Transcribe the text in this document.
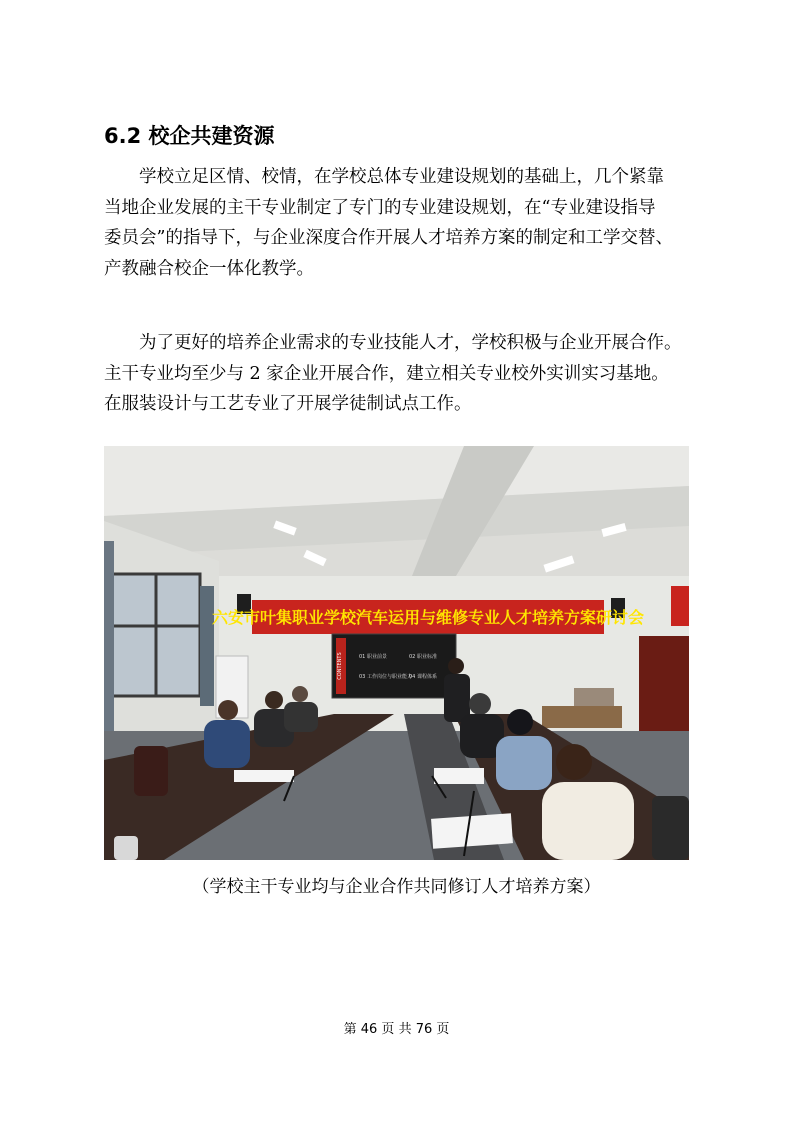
6.2 校企共建资源

　　学校立足区情、校情，在学校总体专业建设规划的基础上，几个紧靠

当地企业发展的主干专业制定了专门的专业建设规划，在“专业建设指导

委员会”的指导下，与企业深度合作开展人才培养方案的制定和工学交替、

产教融合校企一体化教学。

　　为了更好的培养企业需求的专业技能人才，学校积极与企业开展合作。

主干专业均至少与 2 家企业开展合作，建立相关专业校外实训实习基地。

在服装设计与工艺专业了开展学徒制试点工作。

六安市叶集职业学校汽车运用与维修专业人才培养方案研讨会
CONTENTS	01 职业前景	02 职业标准
03 工作岗位与职业能力
04 课程体系
（学校主干专业均与企业合作共同修订人才培养方案）
第 46 页 共 76 页
